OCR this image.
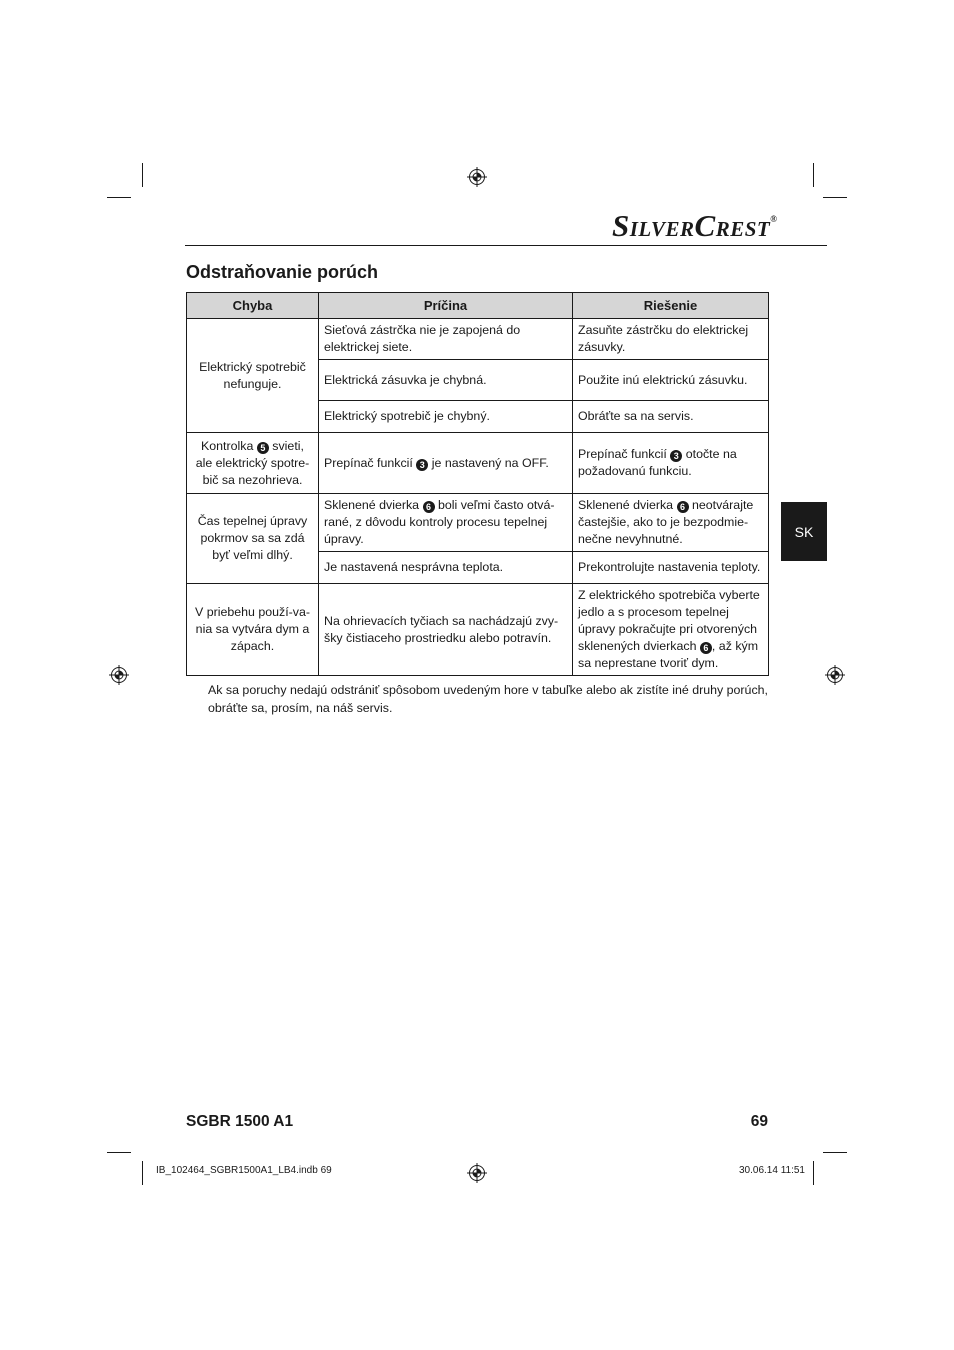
SILVERCREST®
Odstraňovanie porúch
Chyba	Príčina	Riešenie
Elektrický spotrebič nefunguje.	Sieťová zástrčka nie je zapojená do elektrickej siete.	Zasuňte zástrčku do elektrickej zásuvky.
	Elektrická zásuvka je chybná.	Použite inú elektrickú zásuvku.
	Elektrický spotrebič je chybný.	Obráťte sa na servis.
Kontrolka 5 svieti, ale elektrický spotre-bič sa nezohrieva.	Prepínač funkcií 3 je nastavený na OFF.	Prepínač funkcií 3 otočte na požadovanú funkciu.
Čas tepelnej úpravy pokrmov sa sa zdá byť veľmi dlhý.	Sklenené dvierka 6 boli veľmi často otvá-rané, z dôvodu kontroly procesu tepelnej úpravy.	Sklenené dvierka 6 neotvárajte častejšie, ako to je bezpodmie-nečne nevyhnutné.
	Je nastavená nesprávna teplota.	Prekontrolujte nastavenia teploty.
V priebehu použí-va-nia sa vytvára dym a zápach.	Na ohrievacích tyčiach sa nachádzajú zvy-šky čistiaceho prostriedku alebo potravín.	Z elektrického spotrebiča vyberte jedlo a s procesom tepelnej úpravy pokračujte pri otvorených sklenených dvierkach 6 , až kým sa neprestane tvoriť dym.

Ak sa poruchy nedajú odstrániť spôsobom uvedeným hore v tabuľke alebo ak zistíte iné druhy porúch, obráťte sa, prosím, na náš servis.

SK
SGBR 1500 A1	69
IB_102464_SGBR1500A1_LB4.indb 69	30.06.14 11:51
